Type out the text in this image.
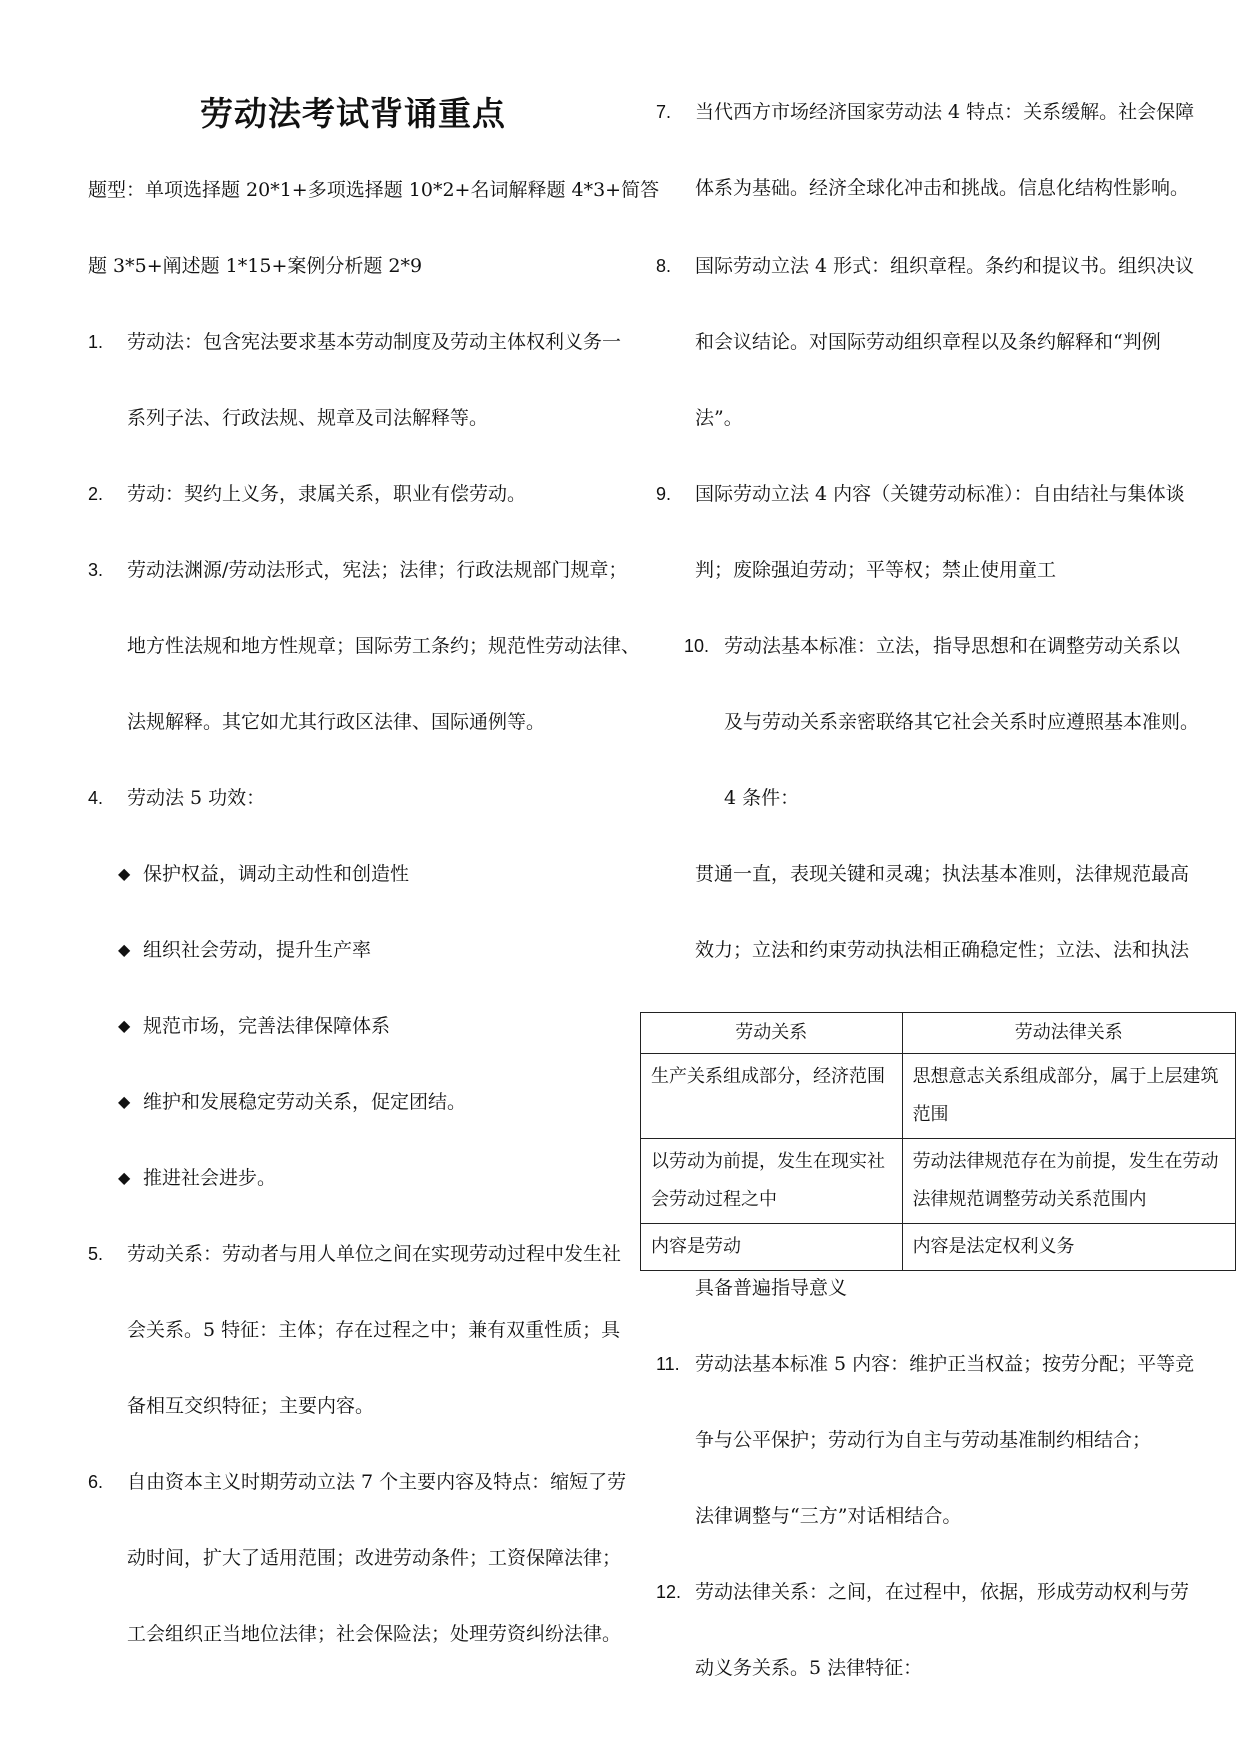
劳动法考试背诵重点
题型：单项选择题 20*1+多项选择题 10*2+名词解释题 4*3+简答
题 3*5+阐述题 1*15+案例分析题 2*9
1. 劳动法：包含宪法要求基本劳动制度及劳动主体权利义务一
系列子法、行政法规、规章及司法解释等。
2. 劳动：契约上义务，隶属关系，职业有偿劳动。
3. 劳动法渊源/劳动法形式，宪法；法律；行政法规部门规章；
地方性法规和地方性规章；国际劳工条约；规范性劳动法律、
法规解释。其它如尤其行政区法律、国际通例等。
4. 劳动法 5 功效：
◆ 保护权益，调动主动性和创造性
◆ 组织社会劳动，提升生产率
◆ 规范市场，完善法律保障体系
◆ 维护和发展稳定劳动关系，促定团结。
◆ 推进社会进步。
5. 劳动关系：劳动者与用人单位之间在实现劳动过程中发生社
会关系。5 特征：主体；存在过程之中；兼有双重性质；具
备相互交织特征；主要内容。
6. 自由资本主义时期劳动立法 7 个主要内容及特点：缩短了劳
动时间，扩大了适用范围；改进劳动条件；工资保障法律；
工会组织正当地位法律；社会保险法；处理劳资纠纷法律。
7. 当代西方市场经济国家劳动法 4 特点：关系缓解。社会保障
体系为基础。经济全球化冲击和挑战。信息化结构性影响。
8. 国际劳动立法 4 形式：组织章程。条约和提议书。组织决议
和会议结论。对国际劳动组织章程以及条约解释和“判例
法”。
9. 国际劳动立法 4 内容（关键劳动标准）：自由结社与集体谈
判；废除强迫劳动；平等权；禁止使用童工
10. 劳动法基本标准：立法，指导思想和在调整劳动关系以
及与劳动关系亲密联络其它社会关系时应遵照基本准则。
4 条件：
贯通一直，表现关键和灵魂；执法基本准则，法律规范最高
效力；立法和约束劳动执法相正确稳定性；立法、法和执法
具备普遍指导意义
11. 劳动法基本标准 5 内容：维护正当权益；按劳分配；平等竞
争与公平保护；劳动行为自主与劳动基准制约相结合；
法律调整与“三方”对话相结合。
12. 劳动法律关系：之间，在过程中，依据，形成劳动权利与劳
动义务关系。5 法律特征：
劳动关系	劳动法律关系
生产关系组成部分，经济范围	思想意志关系组成部分，属于上层建筑范围
以劳动为前提，发生在现实社会劳动过程之中	劳动法律规范存在为前提，发生在劳动法律规范调整劳动关系范围内
内容是劳动	内容是法定权利义务
